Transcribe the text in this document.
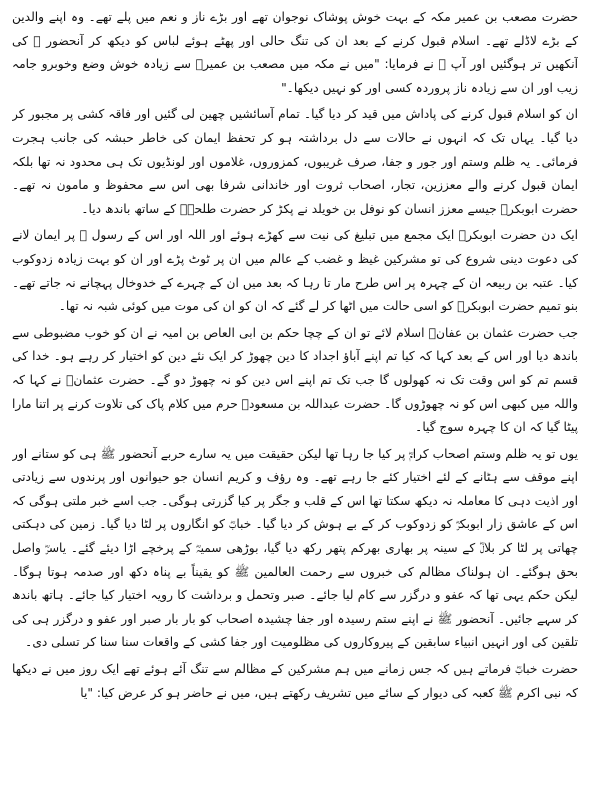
حضرت مصعب بن عمیر مکہ کے بہت خوش پوشاک نوجوان تھے اور بڑے ناز و نعم میں پلے تھے۔ وہ اپنے والدین کے بڑے لاڈلے تھے۔ اسلام قبول کرنے کے بعد ان کی تنگ حالی اور پھٹے ہوئے لباس کو دیکھ کر آنحضور ﷺ کی آنکھیں تر ہوگئیں اور آپ ﷺ نے فرمایا: "میں نے مکہ میں مصعب بن عمیرؓ سے زیادہ خوش وضع وخوبرو جامہ زیب اور ان سے زیادہ ناز پروردہ کسی اور کو نہیں دیکھا۔"

ان کو اسلام قبول کرنے کی پاداش میں قید کر دیا گیا۔ تمام آسائشیں چھین لی گئیں اور فاقہ کشی پر مجبور کر دیا گیا۔ یہاں تک کہ انہوں نے حالات سے دل برداشتہ ہو کر تحفظ ایمان کی خاطر حبشہ کی جانب ہجرت فرمائی۔ یہ ظلم وستم اور جور و جفا، صرف غریبوں، کمزوروں، غلاموں اور لونڈیوں تک ہی محدود نہ تھا بلکہ ایمان قبول کرنے والے معززین، تجار، اصحاب ثروت اور خاندانی شرفا بھی اس سے محفوظ و مامون نہ تھے۔ حضرت ابوبکرؓ جیسے معزز انسان کو نوفل بن خویلد نے پکڑ کر حضرت طلحہؓ کے ساتھ باندھ دیا۔

ایک دن حضرت ابوبکرؓ ایک مجمع میں تبلیغ کی نیت سے کھڑے ہوئے اور اللہ اور اس کے رسول ﷺ پر ایمان لانے کی دعوت دینی شروع کی تو مشرکین غیظ و غضب کے عالم میں ان پر ٹوٹ پڑے اور ان کو بہت زیادہ زدوکوب کیا۔ عتبہ بن ربیعہ ان کے چہرہ پر اس طرح مار تا رہا کہ بعد میں ان کے چہرے کے خدوخال پہچانے نہ جاتے تھے۔ بنو تمیم حضرت ابوبکرؓ کو اسی حالت میں اٹھا کر لے گئے کہ ان کو ان کی موت میں کوئی شبہ نہ تھا۔

جب حضرت عثمان بن عفانؓ اسلام لائے تو ان کے چچا حکم بن ابی العاص بن امیہ نے ان کو خوب مضبوطی سے باندھ دیا اور اس کے بعد کہا کہ کیا تم اپنے آباؤ اجداد کا دین چھوڑ کر ایک نئے دین کو اختیار کر رہے ہو۔ خدا کی قسم تم کو اس وقت تک نہ کھولوں گا جب تک تم اپنے اس دین کو نہ چھوڑ دو گے۔ حضرت عثمانؓ نے کہا کہ واللہ میں کبھی اس کو نہ چھوڑوں گا۔ حضرت عبداللہ بن مسعودؓ حرم میں کلام پاک کی تلاوت کرنے پر اتنا مارا پیٹا گیا کہ ان کا چہرہ سوج گیا۔

یوں تو یہ ظلم وستم اصحاب کرامؓ پر کیا جا رہا تھا لیکن حقیقت میں یہ سارے حربے آنحضور ﷺ ہی کو ستانے اور اپنے موقف سے ہٹانے کے لئے اختیار کئے جا رہے تھے۔ وہ رؤف و کریم انسان جو حیوانوں اور پرندوں سے زیادتی اور اذیت دہی کا معاملہ نہ دیکھ سکتا تھا اس کے قلب و جگر پر کیا گزرتی ہوگی۔ جب اسے خبر ملتی ہوگی کہ اس کے عاشق زار ابوبکرؓ کو زدوکوب کر کے بے ہوش کر دیا گیا۔ خبابؓ کو انگاروں پر لٹا دیا گیا۔ زمین کی دہکتی چھاتی پر لٹا کر بلالؓ کے سینہ پر بھاری بھرکم پتھر رکھ دیا گیا، بوڑھی سمیہؓ کے پرخچے اڑا دیئے گئے۔ یاسرؓ واصل بحق ہوگئے۔ ان ہولناک مظالم کی خبروں سے رحمت العالمین ﷺ کو یقیناً بے پناہ دکھ اور صدمہ ہوتا ہوگا۔ لیکن حکم یہی تھا کہ عفو و درگزر سے کام لیا جائے۔ صبر وتحمل و برداشت کا رویہ اختیار کیا جائے۔ ہاتھ باندھ کر سہے جائیں۔ آنحضور ﷺ نے اپنے ستم رسیدہ اور جفا چشیدہ اصحاب کو بار بار صبر اور عفو و درگزر ہی کی تلقین کی اور انہیں انبیاء سابقین کے پیروکاروں کی مظلومیت اور جفا کشی کے واقعات سنا سنا کر تسلی دی۔

حضرت خبابؓ فرماتے ہیں کہ جس زمانے میں ہم مشرکین کے مظالم سے تنگ آئے ہوئے تھے ایک روز میں نے دیکھا کہ نبی اکرم ﷺ کعبہ کی دیوار کے سائے میں تشریف رکھتے ہیں، میں نے حاضر ہو کر عرض کیا: "یا
